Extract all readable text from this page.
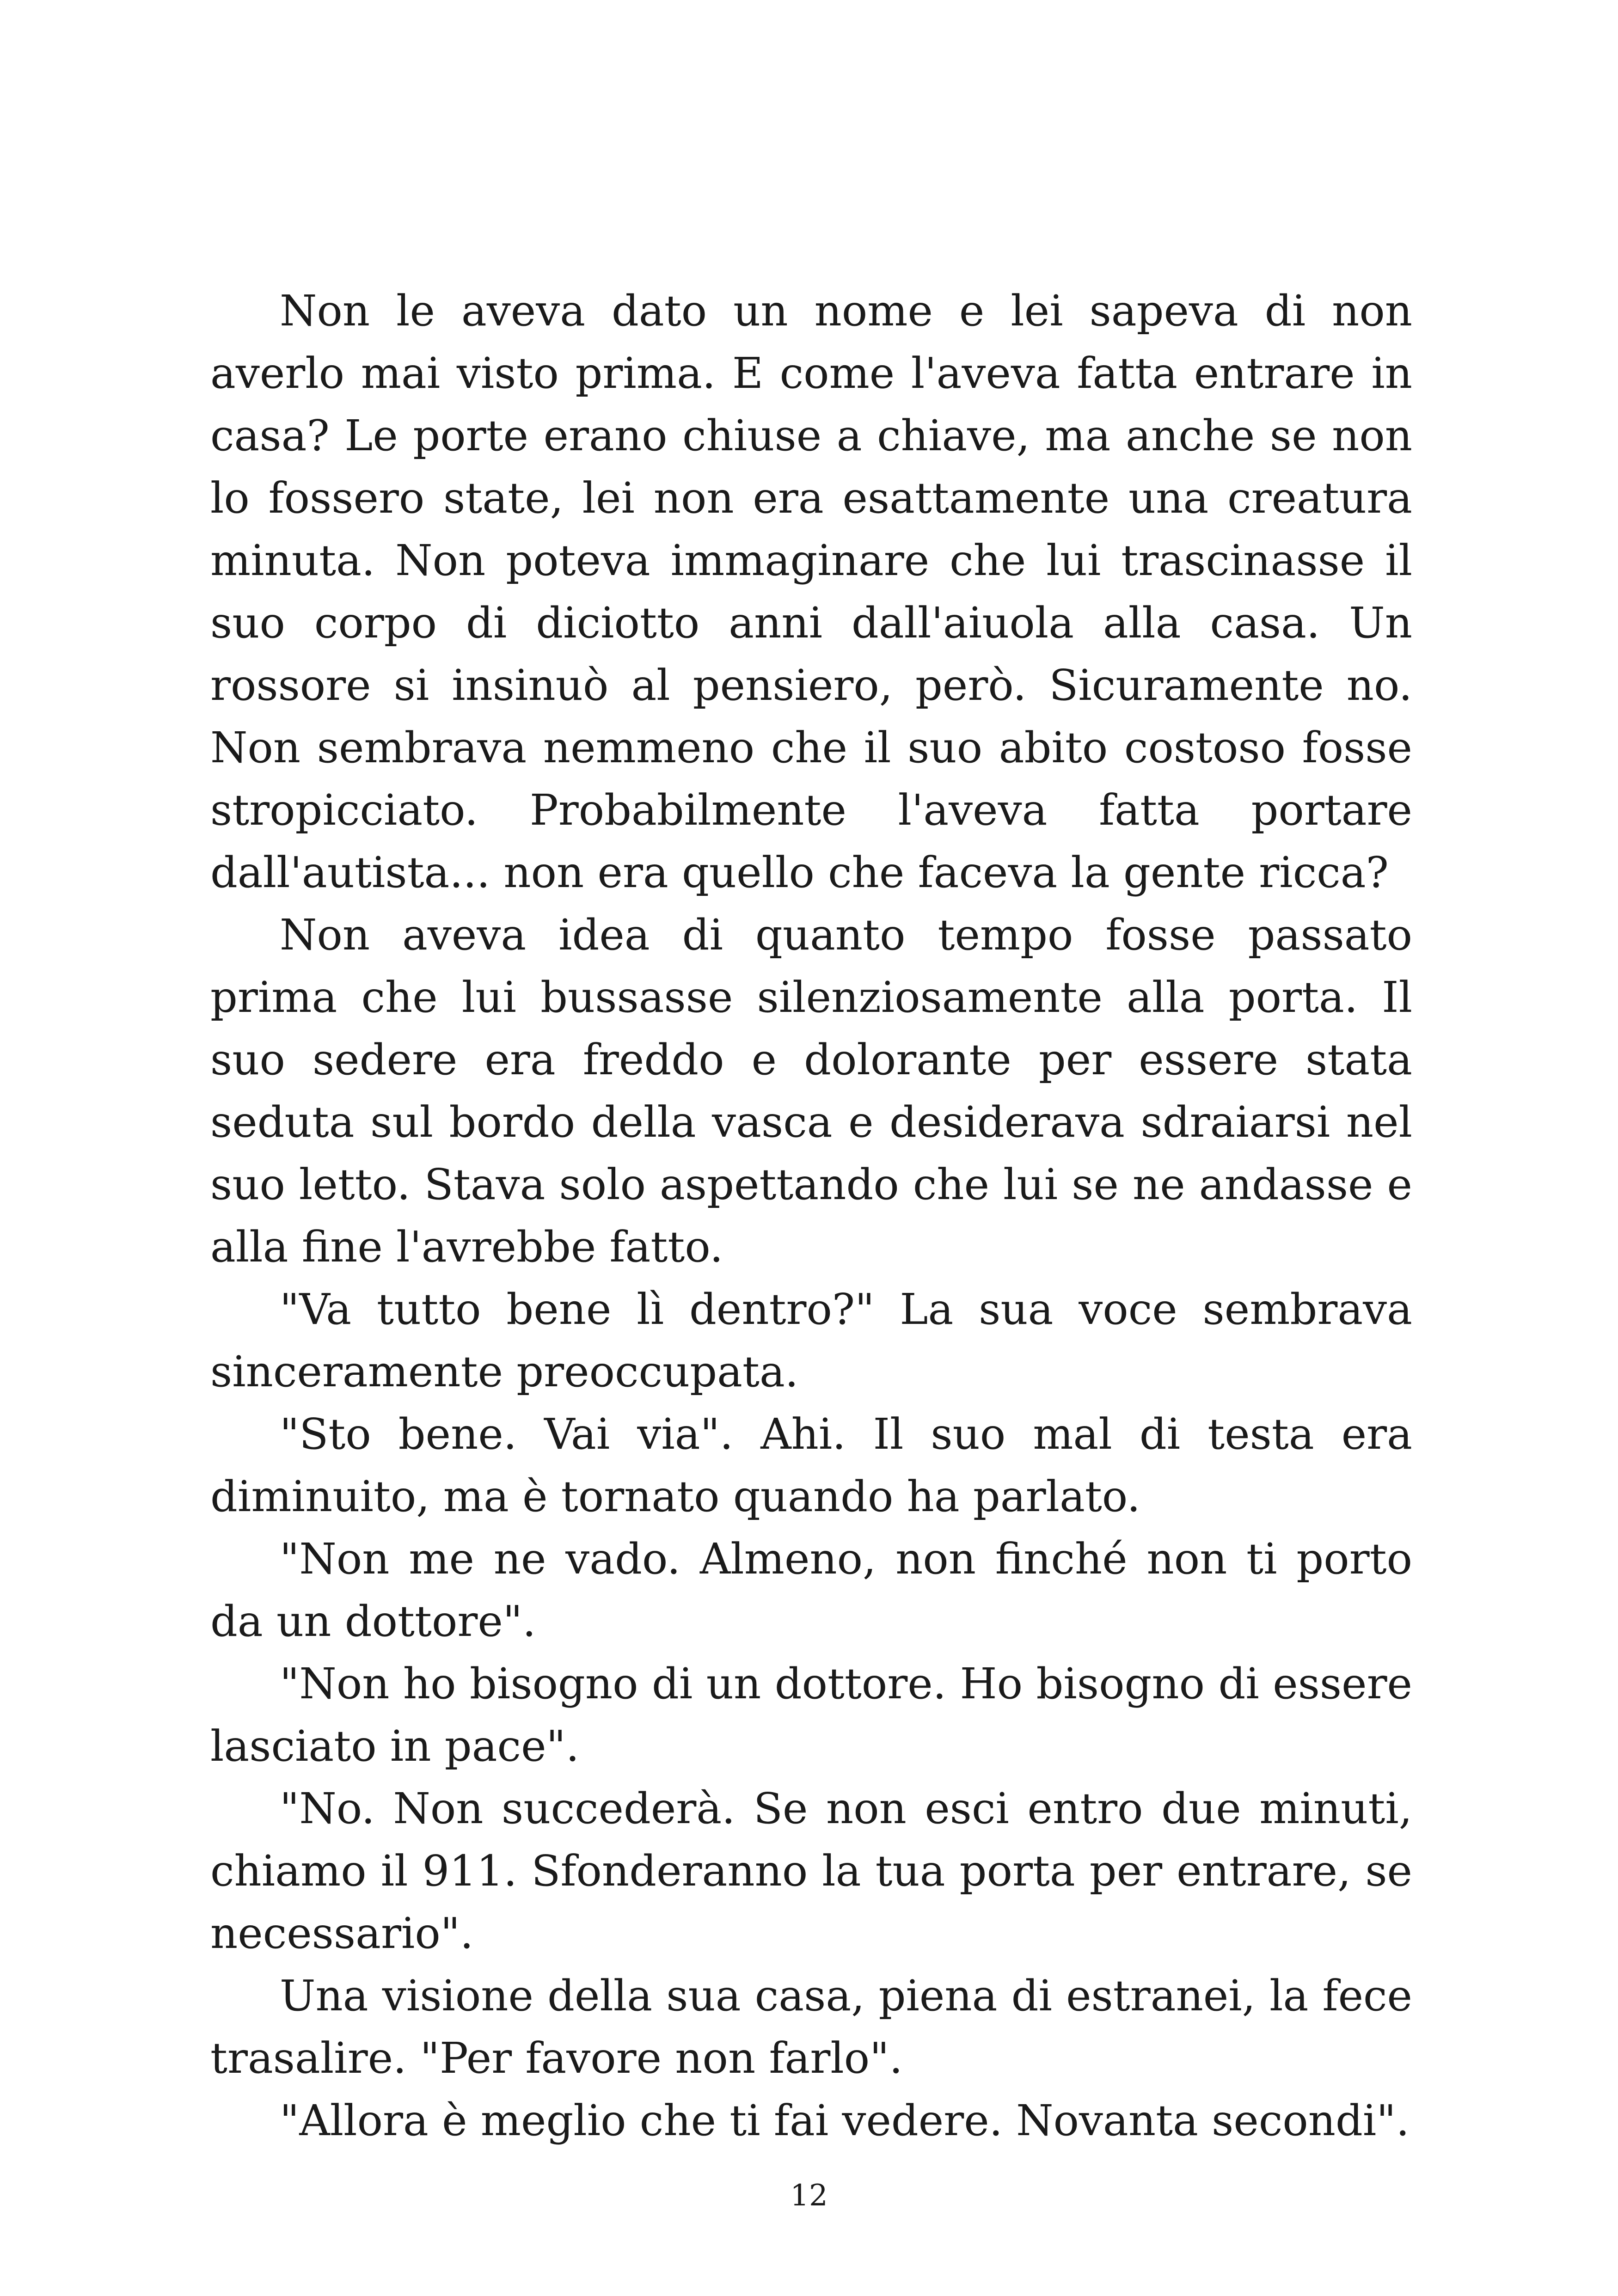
Non le aveva dato un nome e lei sapeva di non averlo mai visto prima. E come l'aveva fatta entrare in casa? Le porte erano chiuse a chiave, ma anche se non lo fossero state, lei non era esattamente una creatura minuta. Non poteva immaginare che lui trascinasse il suo corpo di diciotto anni dall'aiuola alla casa. Un rossore si insinuò al pensiero, però. Sicuramente no. Non sembrava nemmeno che il suo abito costoso fosse stropicciato. Probabilmente l'aveva fatta portare dall'autista... non era quello che faceva la gente ricca?

Non aveva idea di quanto tempo fosse passato prima che lui bussasse silenziosamente alla porta. Il suo sedere era freddo e dolorante per essere stata seduta sul bordo della vasca e desiderava sdraiarsi nel suo letto. Stava solo aspettando che lui se ne andasse e alla fine l'avrebbe fatto.

"Va tutto bene lì dentro?" La sua voce sembrava sinceramente preoccupata.

"Sto bene. Vai via". Ahi. Il suo mal di testa era diminuito, ma è tornato quando ha parlato.

"Non me ne vado. Almeno, non finché non ti porto da un dottore".

"Non ho bisogno di un dottore. Ho bisogno di essere lasciato in pace".

"No. Non succederà. Se non esci entro due minuti, chiamo il 911. Sfonderanno la tua porta per entrare, se necessario".

Una visione della sua casa, piena di estranei, la fece trasalire. "Per favore non farlo".

"Allora è meglio che ti fai vedere. Novanta secondi".

12
